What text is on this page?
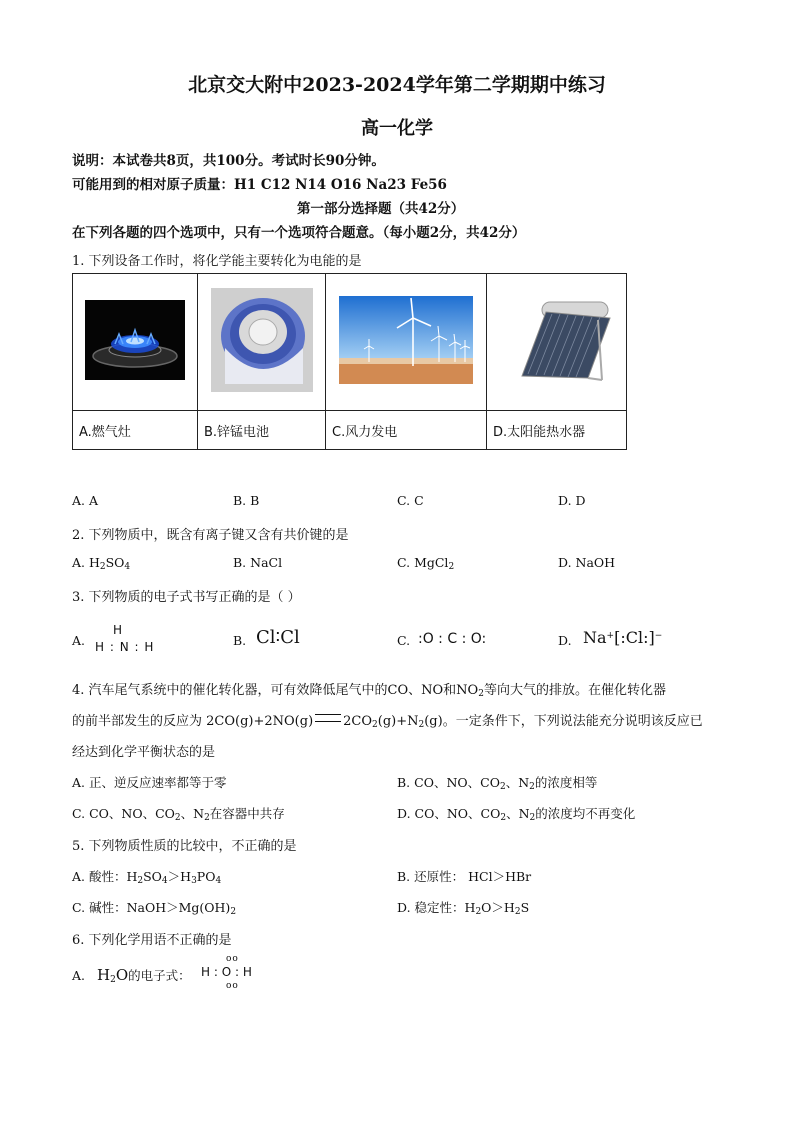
北京交大附中2023-2024学年第二学期期中练习
高一化学
说明：本试卷共8页，共100分。考试时长90分钟。
可能用到的相对原子质量：H1 C12 N14 O16 Na23 Fe56
第一部分选择题（共42分）
在下列各题的四个选项中，只有一个选项符合题意。（每小题2分，共42分）
1. 下列设备工作时，将化学能主要转化为电能的是

A.燃气灶	B.锌锰电池	C.风力发电	D.太阳能热水器
A. A	B. B	C. C	D. D
2. 下列物质中，既含有离子键又含有共价键的是
A. $H_2SO_4$	B. NaCl	C. MgCl$_2$	D. NaOH
3. 下列物质的电子式书写正确的是（ ）
A.
H
H : N : H	B. Cl∶Cl	C. :O : C : O:	D. Na+[:Cl:]−
4. 汽车尾气系统中的催化转化器，可有效降低尾气中的CO、NO和$NO_2$等向大气的排放。在催化转化器
的前半部发生的反应为 2CO(g)+2NO(g) $2CO_2(g)+N_2(g)$。一定条件下，下列说法能充分说明该反应已
经达到化学平衡状态的是
A. 正、逆反应速率都等于零	B. CO、NO、$CO_2$、$N_2$的浓度相等
C. CO、NO、$CO_2$、$N_2$在容器中共存	D. CO、NO、$CO_2$、$N_2$的浓度均不再变化
5. 下列物质性质的比较中，不正确的是
A. 酸性：$H_2SO_4>H_3PO_4$	B. 还原性： HCl＞HBr
C. 碱性：$NaOH>Mg(OH)_2$	D. 稳定性：$H_2O>H_2S$
6. 下列化学用语不正确的是
A. $H_2O$的电子式：
oo
H : O : H
oo
